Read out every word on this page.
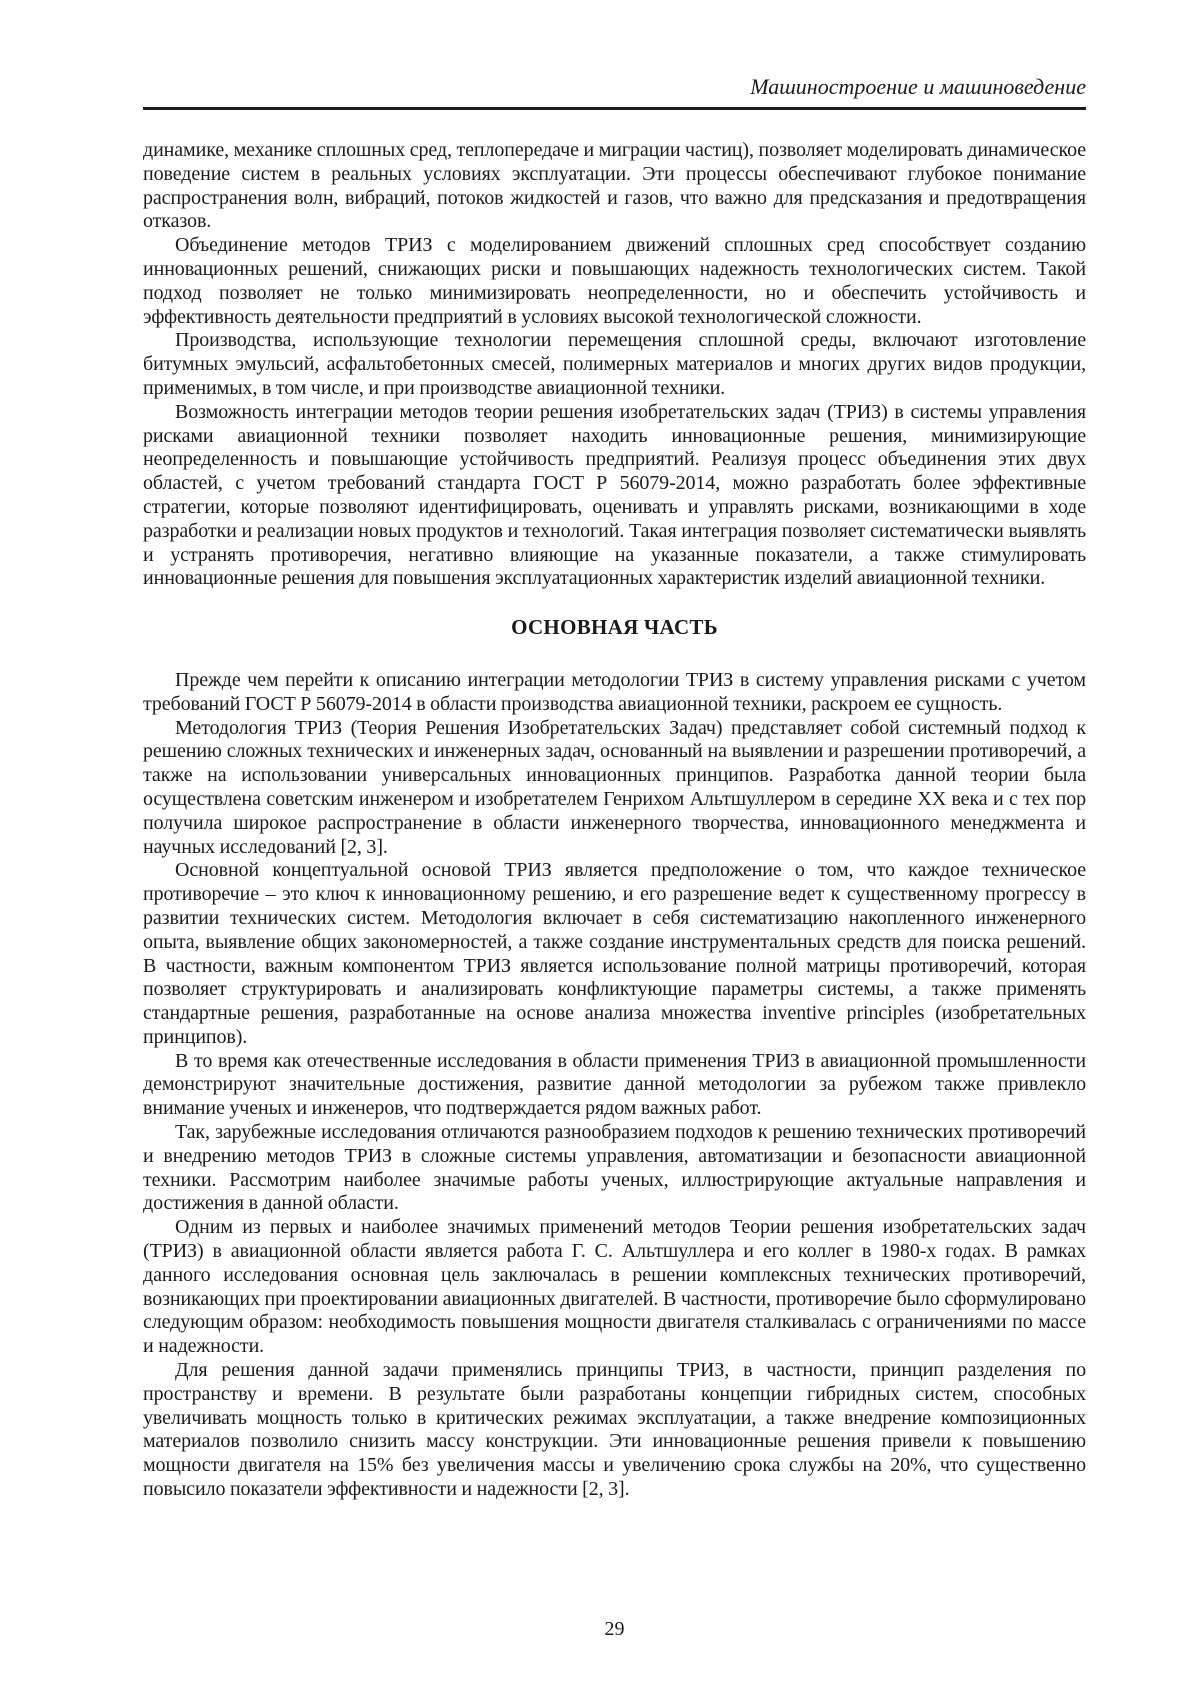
Машиностроение и машиноведение

динамике, механике сплошных сред, теплопередаче и миграции частиц), позволяет моделировать динамическое поведение систем в реальных условиях эксплуатации. Эти процессы обеспечивают глубокое понимание распространения волн, вибраций, потоков жидкостей и газов, что важно для предсказания и предотвращения отказов.

Объединение методов ТРИЗ с моделированием движений сплошных сред способствует созданию инновационных решений, снижающих риски и повышающих надежность технологических систем. Такой подход позволяет не только минимизировать неопределенности, но и обеспечить устойчивость и эффективность деятельности предприятий в условиях высокой технологической сложности.

Производства, использующие технологии перемещения сплошной среды, включают изготовление битумных эмульсий, асфальтобетонных смесей, полимерных материалов и многих других видов продукции, применимых, в том числе, и при производстве авиационной техники.

Возможность интеграции методов теории решения изобретательских задач (ТРИЗ) в системы управления рисками авиационной техники позволяет находить инновационные решения, минимизирующие неопределенность и повышающие устойчивость предприятий. Реализуя процесс объединения этих двух областей, с учетом требований стандарта ГОСТ Р 56079-2014, можно разработать более эффективные стратегии, которые позволяют идентифицировать, оценивать и управлять рисками, возникающими в ходе разработки и реализации новых продуктов и технологий. Такая интеграция позволяет систематически выявлять и устранять противоречия, негативно влияющие на указанные показатели, а также стимулировать инновационные решения для повышения эксплуатационных характеристик изделий авиационной техники.

ОСНОВНАЯ ЧАСТЬ

Прежде чем перейти к описанию интеграции методологии ТРИЗ в систему управления рисками с учетом требований ГОСТ Р 56079-2014 в области производства авиационной техники, раскроем ее сущность.

Методология ТРИЗ (Теория Решения Изобретательских Задач) представляет собой системный подход к решению сложных технических и инженерных задач, основанный на выявлении и разрешении противоречий, а также на использовании универсальных инновационных принципов. Разработка данной теории была осуществлена советским инженером и изобретателем Генрихом Альтшуллером в середине XX века и с тех пор получила широкое распространение в области инженерного творчества, инновационного менеджмента и научных исследований [2, 3].

Основной концептуальной основой ТРИЗ является предположение о том, что каждое техническое противоречие – это ключ к инновационному решению, и его разрешение ведет к существенному прогрессу в развитии технических систем. Методология включает в себя систематизацию накопленного инженерного опыта, выявление общих закономерностей, а также создание инструментальных средств для поиска решений. В частности, важным компонентом ТРИЗ является использование полной матрицы противоречий, которая позволяет структурировать и анализировать конфликтующие параметры системы, а также применять стандартные решения, разработанные на основе анализа множества inventive principles (изобретательных принципов).

В то время как отечественные исследования в области применения ТРИЗ в авиационной промышленности демонстрируют значительные достижения, развитие данной методологии за рубежом также привлекло внимание ученых и инженеров, что подтверждается рядом важных работ.

Так, зарубежные исследования отличаются разнообразием подходов к решению технических противоречий и внедрению методов ТРИЗ в сложные системы управления, автоматизации и безопасности авиационной техники. Рассмотрим наиболее значимые работы ученых, иллюстрирующие актуальные направления и достижения в данной области.

Одним из первых и наиболее значимых применений методов Теории решения изобретательских задач (ТРИЗ) в авиационной области является работа Г. С. Альтшуллера и его коллег в 1980-х годах. В рамках данного исследования основная цель заключалась в решении комплексных технических противоречий, возникающих при проектировании авиационных двигателей. В частности, противоречие было сформулировано следующим образом: необходимость повышения мощности двигателя сталкивалась с ограничениями по массе и надежности.

Для решения данной задачи применялись принципы ТРИЗ, в частности, принцип разделения по пространству и времени. В результате были разработаны концепции гибридных систем, способных увеличивать мощность только в критических режимах эксплуатации, а также внедрение композиционных материалов позволило снизить массу конструкции. Эти инновационные решения привели к повышению мощности двигателя на 15% без увеличения массы и увеличению срока службы на 20%, что существенно повысило показатели эффективности и надежности [2, 3].

29
